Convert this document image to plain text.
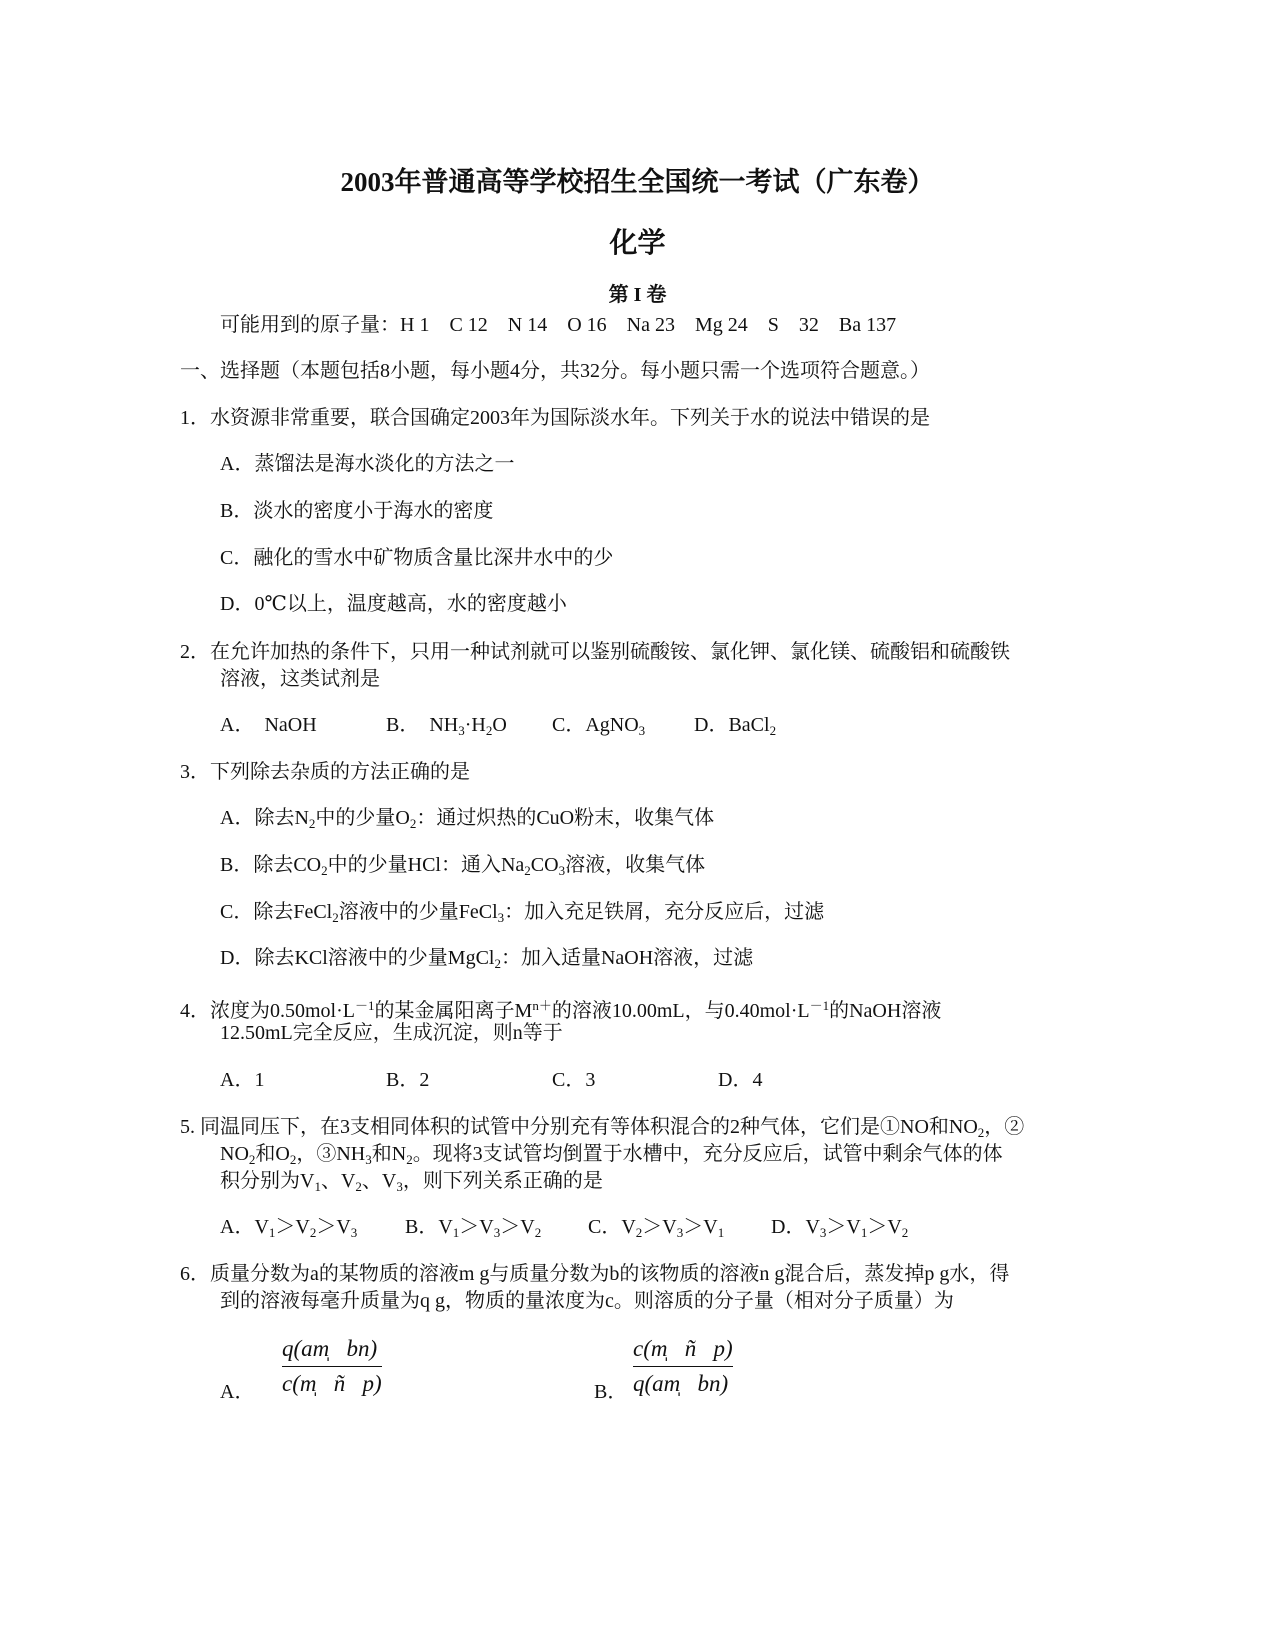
2003年普通高等学校招生全国统一考试（广东卷）
化学
第 I 卷
可能用到的原子量：H 1　C 12　N 14　O 16　Na 23　Mg 24　S　32　Ba 137
一、选择题（本题包括8小题，每小题4分，共32分。每小题只需一个选项符合题意。）
1．水资源非常重要，联合国确定2003年为国际淡水年。下列关于水的说法中错误的是
A．蒸馏法是海水淡化的方法之一
B．淡水的密度小于海水的密度
C．融化的雪水中矿物质含量比深井水中的少
D．0℃以上，温度越高，水的密度越小
2．在允许加热的条件下，只用一种试剂就可以鉴别硫酸铵、氯化钾、氯化镁、硫酸铝和硫酸铁
溶液，这类试剂是
A．　NaOH	B．　$NH_3\cdot H_2O$ C．AgNO$_3$ D．BaCl$_2$
3．下列除去杂质的方法正确的是
A．除去$N_2$中的少量$O_2$：通过炽热的CuO粉末，收集气体
B．除去$CO_2$中的少量HCl：通入$Na_2CO_3$溶液，收集气体
C．除去FeCl$_2$溶液中的少量FeCl$_3$：加入充足铁屑，充分反应后，过滤
D．除去KCl溶液中的少量MgCl$_2$：加入适量NaOH溶液，过滤
4．浓度为$0.50mol\cdot L^{-1}$的某金属阳离子$M^{n+}$的溶液10.00mL，与$0.40mol\cdot L^{-1}$的NaOH溶液
12.50mL完全反应，生成沉淀，则n等于
A．1	B．2	C．3	D．4
5. 同温同压下，在3支相同体积的试管中分别充有等体积混合的2种气体，它们是①NO和$NO_2$，②
$NO_2$和$O_2$，$③NH_3$和$N_2$。现将3支试管均倒置于水槽中，充分反应后，试管中剩余气体的体
积分别为$V_1$、$V_2$、$V_3$，则下列关系正确的是
A．$V_1>V_2>V_3$ B．$V_1>V_3>V_2$ C．$V_2>V_3>V_1$ D．$V_3>V_1>V_2$
6．质量分数为a的某物质的溶液m g与质量分数为b的该物质的溶液n g混合后，蒸发掉p g水，得
到的溶液每毫升质量为q g，物质的量浓度为c。则溶质的分子量（相对分子质量）为
A．
q(am̩   bn)
c(m̩   ñ   p)	B．
c(m̩   ñ   p)
q(am̩   bn)
